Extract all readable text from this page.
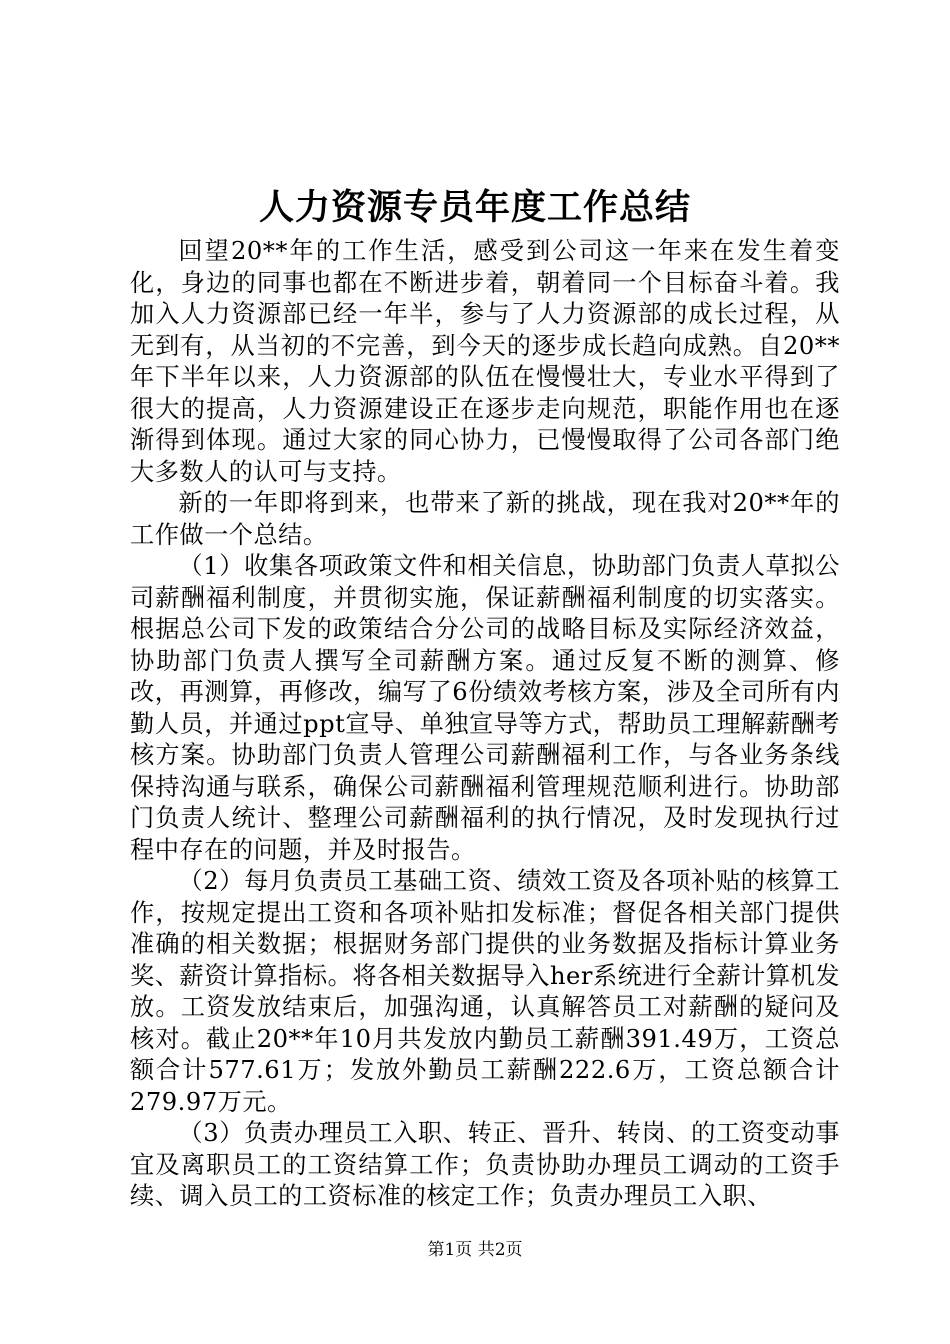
人力资源专员年度工作总结

回望20**年的工作生活，感受到公司这一年来在发生着变化，身边的同事也都在不断进步着，朝着同一个目标奋斗着。我加入人力资源部已经一年半，参与了人力资源部的成长过程，从无到有，从当初的不完善，到今天的逐步成长趋向成熟。自20**年下半年以来，人力资源部的队伍在慢慢壮大，专业水平得到了很大的提高，人力资源建设正在逐步走向规范，职能作用也在逐渐得到体现。通过大家的同心协力，已慢慢取得了公司各部门绝大多数人的认可与支持。

新的一年即将到来，也带来了新的挑战，现在我对20**年的工作做一个总结。

（1）收集各项政策文件和相关信息，协助部门负责人草拟公司薪酬福利制度，并贯彻实施，保证薪酬福利制度的切实落实。根据总公司下发的政策结合分公司的战略目标及实际经济效益，协助部门负责人撰写全司薪酬方案。通过反复不断的测算、修改，再测算，再修改，编写了6份绩效考核方案，涉及全司所有内勤人员，并通过ppt宣导、单独宣导等方式，帮助员工理解薪酬考核方案。协助部门负责人管理公司薪酬福利工作，与各业务条线保持沟通与联系，确保公司薪酬福利管理规范顺利进行。协助部门负责人统计、整理公司薪酬福利的执行情况，及时发现执行过程中存在的问题，并及时报告。

（2）每月负责员工基础工资、绩效工资及各项补贴的核算工作，按规定提出工资和各项补贴扣发标准；督促各相关部门提供准确的相关数据；根据财务部门提供的业务数据及指标计算业务奖、薪资计算指标。将各相关数据导入her系统进行全薪计算机发放。工资发放结束后，加强沟通，认真解答员工对薪酬的疑问及核对。截止20**年10月共发放内勤员工薪酬391.49万，工资总额合计577.61万；发放外勤员工薪酬222.6万，工资总额合计279.97万元。

（3）负责办理员工入职、转正、晋升、转岗、的工资变动事宜及离职员工的工资结算工作；负责协助办理员工调动的工资手续、调入员工的工资标准的核定工作；负责办理员工入职、

第1页 共2页
